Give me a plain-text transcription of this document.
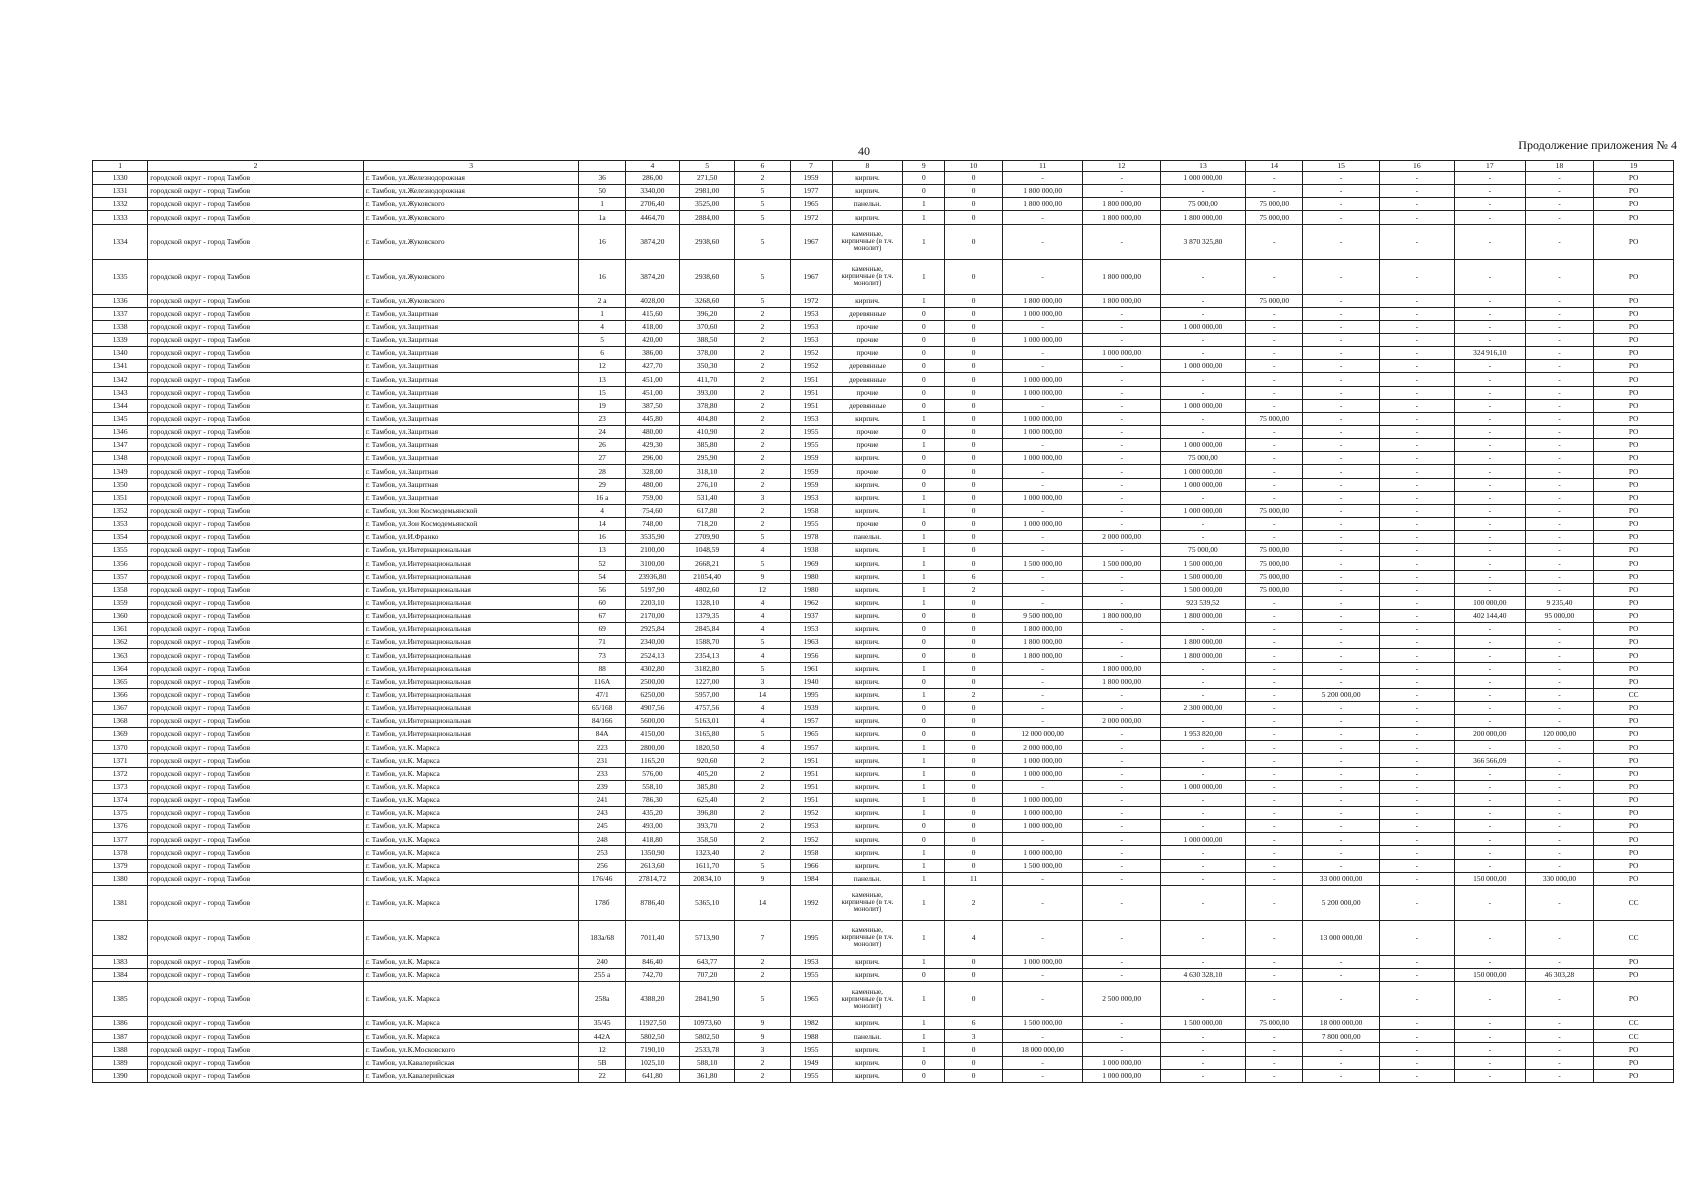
40	Продолжение приложения № 4
1	2	3		4	5	6	7	8	9	10	11	12	13	14	15	16	17	18	19
1330	городской округ - город Тамбов	г. Тамбов, ул.Железнодорожная	36	286,00	271,50	2	1959	кирпич.	0	0	-	-	1 000 000,00	-	-	-	-	-	РО
1331	городской округ - город Тамбов	г. Тамбов, ул.Железнодорожная	50	3340,00	2981,00	5	1977	кирпич.	0	0	1 800 000,00	-	-	-	-	-	-	-	РО
1332	городской округ - город Тамбов	г. Тамбов, ул.Жуковского	1	2706,40	3525,00	5	1965	панельн.	1	0	1 800 000,00	1 800 000,00	75 000,00	75 000,00	-	-	-	-	РО
1333	городской округ - город Тамбов	г. Тамбов, ул.Жуковского	1а	4464,70	2884,00	5	1972	кирпич.	1	0	-	1 800 000,00	1 800 000,00	75 000,00	-	-	-	-	РО
1334	городской округ - город Тамбов	г. Тамбов, ул.Жуковского	16	3874,20	2938,60	5	1967	каменные, кирпичные (в т.ч. монолит)	1	0	-	-	3 870 325,80	-	-	-	-	-	РО
1335	городской округ - город Тамбов	г. Тамбов, ул.Жуковского	16	3874,20	2938,60	5	1967	каменные, кирпичные (в т.ч. монолит)	1	0	-	1 800 000,00	-	-	-	-	-	-	РО
1336	городской округ - город Тамбов	г. Тамбов, ул.Жуковского	2 а	4028,00	3268,60	5	1972	кирпич.	1	0	1 800 000,00	1 800 000,00	-	75 000,00	-	-	-	-	РО
1337	городской округ - город Тамбов	г. Тамбов, ул.Защитная	1	415,60	396,20	2	1953	деревянные	0	0	1 000 000,00	-	-	-	-	-	-	-	РО
1338	городской округ - город Тамбов	г. Тамбов, ул.Защитная	4	418,00	370,60	2	1953	прочие	0	0	-	-	1 000 000,00	-	-	-	-	-	РО
1339	городской округ - город Тамбов	г. Тамбов, ул.Защитная	5	420,00	388,50	2	1953	прочие	0	0	1 000 000,00	-	-	-	-	-	-	-	РО
1340	городской округ - город Тамбов	г. Тамбов, ул.Защитная	6	386,00	378,00	2	1952	прочие	0	0	-	1 000 000,00	-	-	-	-	324 916,10	-	РО
1341	городской округ - город Тамбов	г. Тамбов, ул.Защитная	12	427,70	350,30	2	1952	деревянные	0	0	-	-	1 000 000,00	-	-	-	-	-	РО
1342	городской округ - город Тамбов	г. Тамбов, ул.Защитная	13	451,00	411,70	2	1951	деревянные	0	0	1 000 000,00	-	-	-	-	-	-	-	РО
1343	городской округ - город Тамбов	г. Тамбов, ул.Защитная	15	451,00	393,00	2	1951	прочие	0	0	1 000 000,00	-	-	-	-	-	-	-	РО
1344	городской округ - город Тамбов	г. Тамбов, ул.Защитная	19	387,50	378,80	2	1951	деревянные	0	0	-	-	1 000 000,00	-	-	-	-	-	РО
1345	городской округ - город Тамбов	г. Тамбов, ул.Защитная	23	445,80	404,80	2	1953	кирпич.	1	0	1 000 000,00	-	-	75 000,00	-	-	-	-	РО
1346	городской округ - город Тамбов	г. Тамбов, ул.Защитная	24	480,00	410,90	2	1955	прочие	0	0	1 000 000,00	-	-	-	-	-	-	-	РО
1347	городской округ - город Тамбов	г. Тамбов, ул.Защитная	26	429,30	385,80	2	1955	прочие	1	0	-	-	1 000 000,00	-	-	-	-	-	РО
1348	городской округ - город Тамбов	г. Тамбов, ул.Защитная	27	296,00	295,90	2	1959	кирпич.	0	0	1 000 000,00	-	75 000,00	-	-	-	-	-	РО
1349	городской округ - город Тамбов	г. Тамбов, ул.Защитная	28	328,00	318,10	2	1959	прочие	0	0	-	-	1 000 000,00	-	-	-	-	-	РО
1350	городской округ - город Тамбов	г. Тамбов, ул.Защитная	29	480,00	276,10	2	1959	кирпич.	0	0	-	-	1 000 000,00	-	-	-	-	-	РО
1351	городской округ - город Тамбов	г. Тамбов, ул.Защитная	16 а	759,00	531,40	3	1953	кирпич.	1	0	1 000 000,00	-	-	-	-	-	-	-	РО
1352	городской округ - город Тамбов	г. Тамбов, ул.Зои Космодемьянской	4	754,60	617,80	2	1958	кирпич.	1	0	-	-	1 000 000,00	75 000,00	-	-	-	-	РО
1353	городской округ - город Тамбов	г. Тамбов, ул.Зои Космодемьянской	14	748,00	718,20	2	1955	прочие	0	0	1 000 000,00	-	-	-	-	-	-	-	РО
1354	городской округ - город Тамбов	г. Тамбов, ул.И.Франко	16	3535,90	2709,90	5	1978	панельн.	1	0	-	2 000 000,00	-	-	-	-	-	-	РО
1355	городской округ - город Тамбов	г. Тамбов, ул.Интернациональная	13	2100,00	1048,59	4	1938	кирпич.	1	0	-	-	75 000,00	75 000,00	-	-	-	-	РО
1356	городской округ - город Тамбов	г. Тамбов, ул.Интернациональная	52	3100,00	2668,21	5	1969	кирпич.	1	0	1 500 000,00	1 500 000,00	1 500 000,00	75 000,00	-	-	-	-	РО
1357	городской округ - город Тамбов	г. Тамбов, ул.Интернациональная	54	23936,80	21054,40	9	1980	кирпич.	1	6	-	-	1 500 000,00	75 000,00	-	-	-	-	РО
1358	городской округ - город Тамбов	г. Тамбов, ул.Интернациональная	56	5197,90	4802,60	12	1980	кирпич.	1	2	-	-	1 500 000,00	75 000,00	-	-	-	-	РО
1359	городской округ - город Тамбов	г. Тамбов, ул.Интернациональная	60	2203,10	1328,10	4	1962	кирпич.	1	0	-	-	923 539,52	-	-	-	100 000,00	9 235,40	РО
1360	городской округ - город Тамбов	г. Тамбов, ул.Интернациональная	67	2170,00	1379,35	4	1937	кирпич.	0	0	9 500 000,00	1 800 000,00	1 800 000,00	-	-	-	402 144,40	95 000,00	РО
1361	городской округ - город Тамбов	г. Тамбов, ул.Интернациональная	69	2925,84	2845,84	4	1953	кирпич.	0	0	1 800 000,00	-	-	-	-	-	-	-	РО
1362	городской округ - город Тамбов	г. Тамбов, ул.Интернациональная	71	2340,00	1588,70	5	1963	кирпич.	0	0	1 800 000,00	-	1 800 000,00	-	-	-	-	-	РО
1363	городской округ - город Тамбов	г. Тамбов, ул.Интернациональная	73	2524,13	2354,13	4	1956	кирпич.	0	0	1 800 000,00	-	1 800 000,00	-	-	-	-	-	РО
1364	городской округ - город Тамбов	г. Тамбов, ул.Интернациональная	88	4302,80	3182,80	5	1961	кирпич.	1	0	-	1 800 000,00	-	-	-	-	-	-	РО
1365	городской округ - город Тамбов	г. Тамбов, ул.Интернациональная	116А	2500,00	1227,00	3	1940	кирпич.	0	0	-	1 800 000,00	-	-	-	-	-	-	РО
1366	городской округ - город Тамбов	г. Тамбов, ул.Интернациональная	47/1	6250,00	5957,00	14	1995	кирпич.	1	2	-	-	-	-	5 200 000,00	-	-	-	СС
1367	городской округ - город Тамбов	г. Тамбов, ул.Интернациональная	65/168	4907,56	4757,56	4	1939	кирпич.	0	0	-	-	2 300 000,00	-	-	-	-	-	РО
1368	городской округ - город Тамбов	г. Тамбов, ул.Интернациональная	84/166	5600,00	5163,01	4	1957	кирпич.	0	0	-	2 000 000,00	-	-	-	-	-	-	РО
1369	городской округ - город Тамбов	г. Тамбов, ул.Интернациональная	84А	4150,00	3165,80	5	1965	кирпич.	0	0	12 000 000,00	-	1 953 820,00	-	-	-	200 000,00	120 000,00	РО
1370	городской округ - город Тамбов	г. Тамбов, ул.К. Маркса	223	2800,00	1820,50	4	1957	кирпич.	1	0	2 000 000,00	-	-	-	-	-	-	-	РО
1371	городской округ - город Тамбов	г. Тамбов, ул.К. Маркса	231	1165,20	920,60	2	1951	кирпич.	1	0	1 000 000,00	-	-	-	-	-	366 566,09	-	РО
1372	городской округ - город Тамбов	г. Тамбов, ул.К. Маркса	233	576,00	405,20	2	1951	кирпич.	1	0	1 000 000,00	-	-	-	-	-	-	-	РО
1373	городской округ - город Тамбов	г. Тамбов, ул.К. Маркса	239	558,10	385,80	2	1951	кирпич.	1	0	-	-	1 000 000,00	-	-	-	-	-	РО
1374	городской округ - город Тамбов	г. Тамбов, ул.К. Маркса	241	786,30	625,40	2	1951	кирпич.	1	0	1 000 000,00	-	-	-	-	-	-	-	РО
1375	городской округ - город Тамбов	г. Тамбов, ул.К. Маркса	243	435,20	396,80	2	1952	кирпич.	1	0	1 000 000,00	-	-	-	-	-	-	-	РО
1376	городской округ - город Тамбов	г. Тамбов, ул.К. Маркса	245	493,00	393,70	2	1953	кирпич.	0	0	1 000 000,00	-	-	-	-	-	-	-	РО
1377	городской округ - город Тамбов	г. Тамбов, ул.К. Маркса	248	418,80	358,50	2	1952	кирпич.	0	0	-	-	1 000 000,00	-	-	-	-	-	РО
1378	городской округ - город Тамбов	г. Тамбов, ул.К. Маркса	253	1350,90	1323,40	2	1958	кирпич.	1	0	1 000 000,00	-	-	-	-	-	-	-	РО
1379	городской округ - город Тамбов	г. Тамбов, ул.К. Маркса	256	2613,60	1611,70	5	1966	кирпич.	1	0	1 500 000,00	-	-	-	-	-	-	-	РО
1380	городской округ - город Тамбов	г. Тамбов, ул.К. Маркса	176/46	27814,72	20834,10	9	1984	панельн.	1	11	-	-	-	-	33 000 000,00	-	150 000,00	330 000,00	РО
1381	городской округ - город Тамбов	г. Тамбов, ул.К. Маркса	178б	8786,40	5365,10	14	1992	каменные, кирпичные (в т.ч. монолит)	1	2	-	-	-	-	5 200 000,00	-	-	-	СС
1382	городской округ - город Тамбов	г. Тамбов, ул.К. Маркса	183а/68	7011,40	5713,90	7	1995	каменные, кирпичные (в т.ч. монолит)	1	4	-	-	-	-	13 000 000,00	-	-	-	СС
1383	городской округ - город Тамбов	г. Тамбов, ул.К. Маркса	240	846,40	643,77	2	1953	кирпич.	1	0	1 000 000,00	-	-	-	-	-	-	-	РО
1384	городской округ - город Тамбов	г. Тамбов, ул.К. Маркса	255 а	742,70	707,20	2	1955	кирпич.	0	0	-	-	4 630 328,10	-	-	-	150 000,00	46 303,28	РО
1385	городской округ - город Тамбов	г. Тамбов, ул.К. Маркса	258а	4388,20	2841,90	5	1965	каменные, кирпичные (в т.ч. монолит)	1	0	-	2 500 000,00	-	-	-	-	-	-	РО
1386	городской округ - город Тамбов	г. Тамбов, ул.К. Маркса	35/45	11927,50	10973,60	9	1982	кирпич.	1	6	1 500 000,00	-	1 500 000,00	75 000,00	18 000 000,00	-	-	-	СС
1387	городской округ - город Тамбов	г. Тамбов, ул.К. Маркса	442А	5802,50	5802,50	9	1988	панельн.	1	3	-	-	-	-	7 800 000,00	-	-	-	СС
1388	городской округ - город Тамбов	г. Тамбов, ул.К.Московского	12	7190,10	2533,78	3	1955	кирпич.	1	0	18 000 000,00	-	-	-	-	-	-	-	РО
1389	городской округ - город Тамбов	г. Тамбов, ул.Кавалерийская	5В	1025,10	588,10	2	1949	кирпич.	0	0	-	1 000 000,00	-	-	-	-	-	-	РО
1390	городской округ - город Тамбов	г. Тамбов, ул.Кавалерийская	22	641,80	361,80	2	1955	кирпич.	0	0	-	1 000 000,00	-	-	-	-	-	-	РО
